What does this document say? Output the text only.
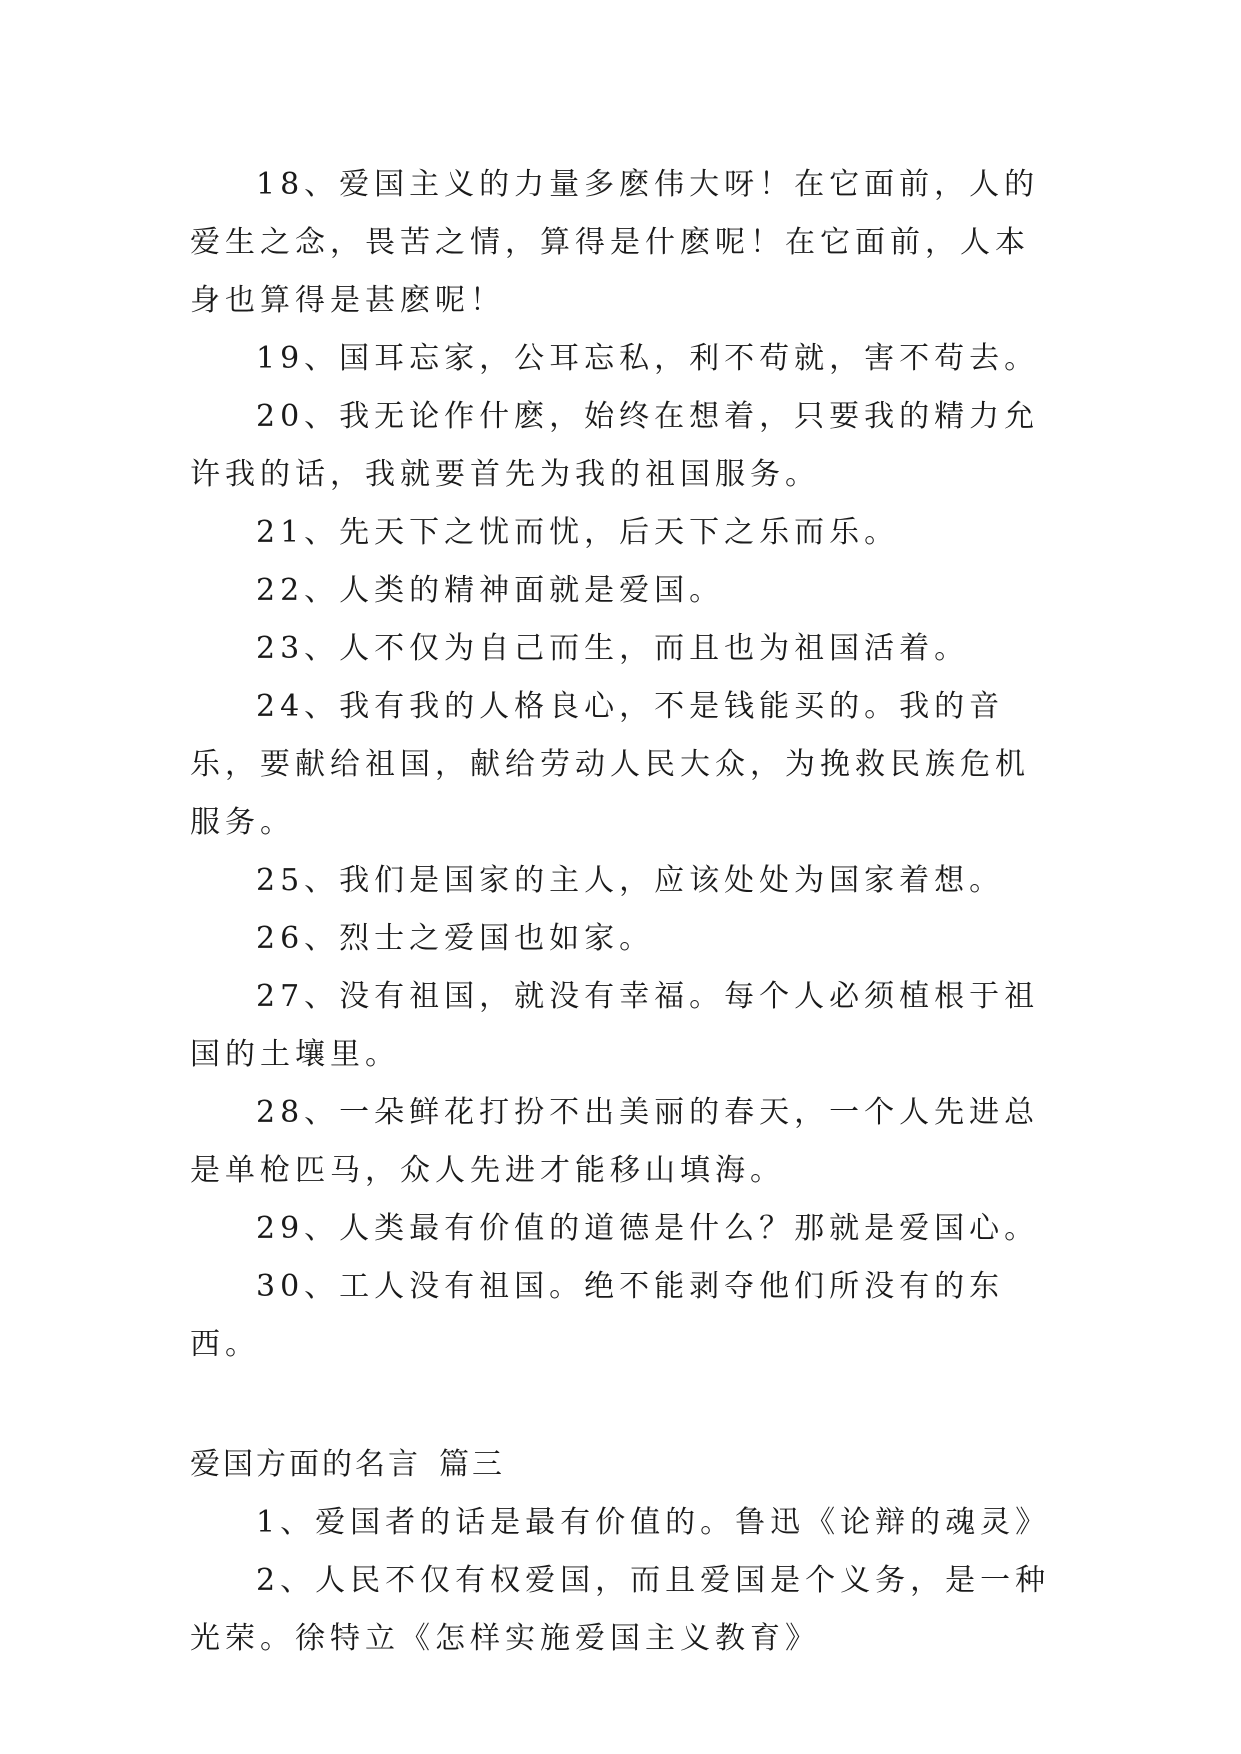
18、爱国主义的力量多麽伟大呀！在它面前，人的爱生之念，畏苦之情，算得是什麽呢！在它面前，人本身也算得是甚麽呢！

19、国耳忘家，公耳忘私，利不苟就，害不苟去。

20、我无论作什麽，始终在想着，只要我的精力允许我的话，我就要首先为我的祖国服务。

21、先天下之忧而忧，后天下之乐而乐。

22、人类的精神面就是爱国。

23、人不仅为自己而生，而且也为祖国活着。

24、我有我的人格良心，不是钱能买的。我的音乐，要献给祖国，献给劳动人民大众，为挽救民族危机服务。

25、我们是国家的主人，应该处处为国家着想。

26、烈士之爱国也如家。

27、没有祖国，就没有幸福。每个人必须植根于祖国的土壤里。

28、一朵鲜花打扮不出美丽的春天，一个人先进总是单枪匹马，众人先进才能移山填海。

29、人类最有价值的道德是什么？那就是爱国心。

30、工人没有祖国。绝不能剥夺他们所没有的东西。

爱国方面的名言 篇三

1、爱国者的话是最有价值的。鲁迅《论辩的魂灵》

2、人民不仅有权爱国，而且爱国是个义务，是一种光荣。徐特立《怎样实施爱国主义教育》
